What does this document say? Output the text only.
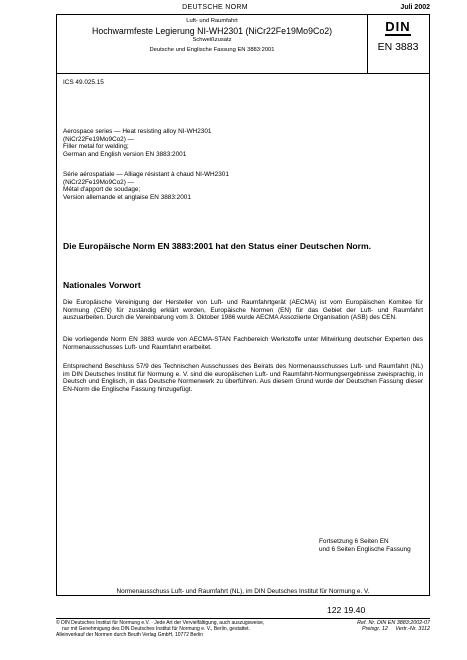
DEUTSCHE NORM	Juli 2002
Luft- und Raumfahrt
Hochwarmfeste Legierung NI-WH2301 (NiCr22Fe19Mo9Co2)
Schweißzusatz
Deutsche und Englische Fassung EN 3883:2001
DIN
EN 3883
ICS 49.025.15
Aerospace series — Heat resisting alloy NI-WH2301
(NiCr22Fe19Mo9Co2) —
Filler metal for welding;
German and English version EN 3883:2001
Série aérospatiale — Alliage résistant à chaud NI-WH2301
(NiCr22Fe19Mo9Co2) —
Métal d'apport de soudage;
Version allemande et anglaise EN 3883:2001
Die Europäische Norm EN 3883:2001 hat den Status einer Deutschen Norm.
Nationales Vorwort
Die Europäische Vereinigung der Hersteller von Luft- und Raumfahrtgerät (AECMA) ist vom Europäischen Komitee für Normung (CEN) für zuständig erklärt worden, Europäische Normen (EN) für das Gebiet der Luft- und Raumfahrt auszuarbeiten. Durch die Vereinbarung vom 3. Oktober 1986 wurde AECMA Assoziierte Organisation (ASB) des CEN.
Die vorliegende Norm EN 3883 wurde von AECMA-STAN Fachbereich Werkstoffe unter Mitwirkung deutscher Experten des Normenausschusses Luft- und Raumfahrt erarbeitet.
Entsprechend Beschluss 57/9 des Technischen Ausschusses des Beirats des Normenausschusses Luft- und Raumfahrt (NL) im DIN Deutsches Institut für Normung e. V. sind die europäischen Luft- und Raumfahrt-Normungsergebnisse zweisprachig, in Deutsch und Englisch, in das Deutsche Normenwerk zu überführen. Aus diesem Grund wurde der Deutschen Fassung dieser EN-Norm die Englische Fassung hinzugefügt.
Fortsetzung 6 Seiten EN
und 6 Seiten Englische Fassung
Normenausschuss Luft- und Raumfahrt (NL), im DIN Deutsches Institut für Normung e. V.
122 19.40
© DIN Deutsches Institut für Normung e.V. · Jede Art der Vervielfältigung, auch auszugsweise,
nur mit Genehmigung des DIN Deutsches Institut für Normung e. V., Berlin, gestattet.
Alleinverkauf der Normen durch Beuth Verlag GmbH, 10772 Berlin
Ref. Nr. DIN EN 3883:2002-07
Preisgr. 12 Vertr.-Nr. 3112
